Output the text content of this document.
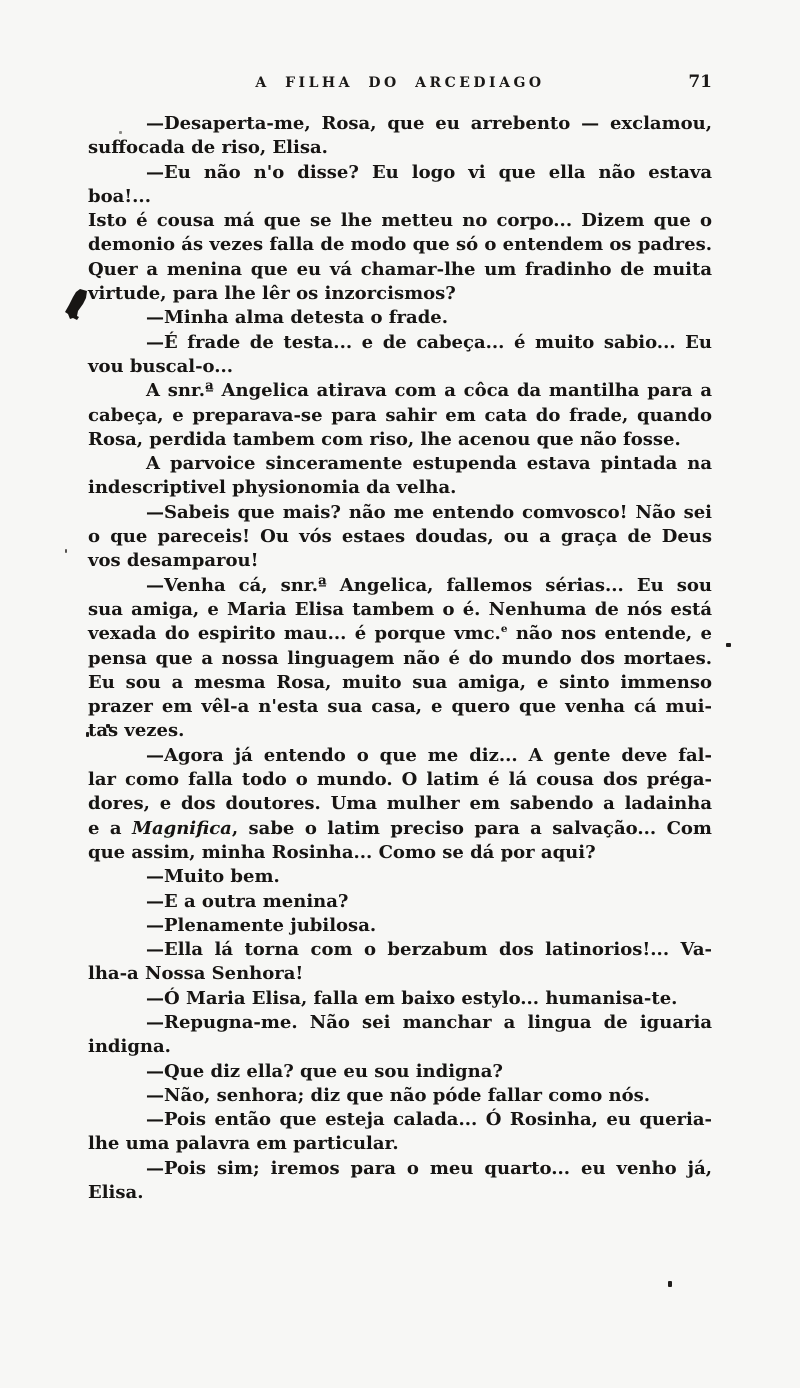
A FILHA DO ARCEDIAGO	71
—Desaperta-me, Rosa, que eu arrebento — exclamou,
suffocada de riso, Elisa.
—Eu não n'o disse? Eu logo vi que ella não estava boa!...
Isto é cousa má que se lhe metteu no corpo... Dizem que o
demonio ás vezes falla de modo que só o entendem os padres.
Quer a menina que eu vá chamar-lhe um fradinho de muita
virtude, para lhe lêr os inzorcismos?
—Minha alma detesta o frade.
—É frade de testa... e de cabeça... é muito sabio... Eu
vou buscal-o...
A snr.ª Angelica atirava com a côca da mantilha para a
cabeça, e preparava-se para sahir em cata do frade, quando
Rosa, perdida tambem com riso, lhe acenou que não fosse.
A parvoice sinceramente estupenda estava pintada na
indescriptivel physionomia da velha.
—Sabeis que mais? não me entendo comvosco! Não sei
o que pareceis! Ou vós estaes doudas, ou a graça de Deus
vos desamparou!
—Venha cá, snr.ª Angelica, fallemos sérias... Eu sou
sua amiga, e Maria Elisa tambem o é. Nenhuma de nós está
vexada do espirito mau... é porque vmc.$^e$ não nos entende, e
pensa que a nossa linguagem não é do mundo dos mortaes.
Eu sou a mesma Rosa, muito sua amiga, e sinto immenso
prazer em vêl-a n'esta sua casa, e quero que venha cá mui-
tas vezes.
—Agora já entendo o que me diz... A gente deve fal-
lar como falla todo o mundo. O latim é lá cousa dos préga-
dores, e dos doutores. Uma mulher em sabendo a ladainha
e a Magnifica, sabe o latim preciso para a salvação... Com
que assim, minha Rosinha... Como se dá por aqui?
—Muito bem.
—E a outra menina?
—Plenamente jubilosa.
—Ella lá torna com o berzabum dos latinorios!... Va-
lha-a Nossa Senhora!
—Ó Maria Elisa, falla em baixo estylo... humanisa-te.
—Repugna-me. Não sei manchar a lingua de iguaria
indigna.
—Que diz ella? que eu sou indigna?
—Não, senhora; diz que não póde fallar como nós.
—Pois então que esteja calada... Ó Rosinha, eu queria-
lhe uma palavra em particular.
—Pois sim; iremos para o meu quarto... eu venho já,
Elisa.
